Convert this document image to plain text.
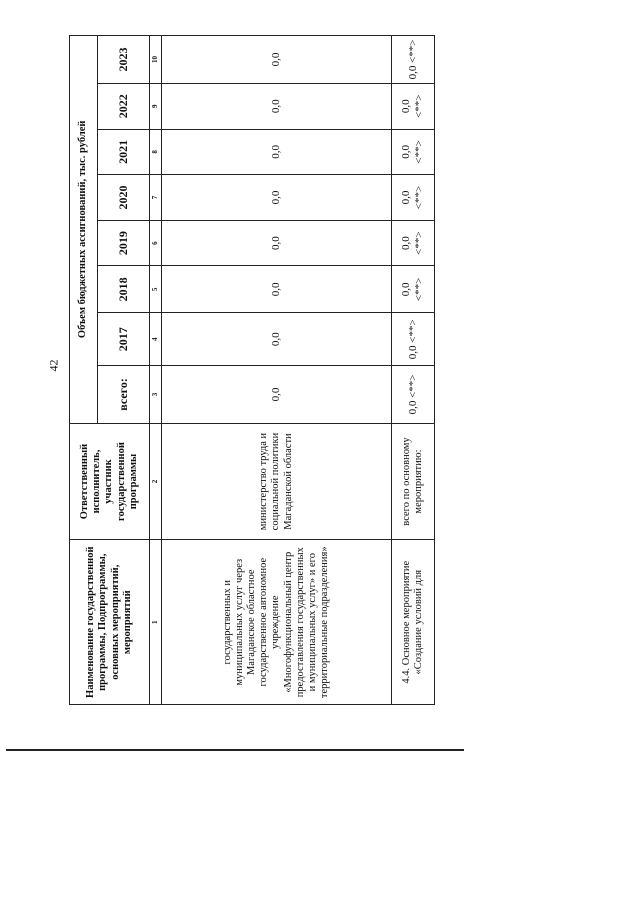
42
Наименование государственной программы, Подпрограммы, основных мероприятий, мероприятий	Ответственный исполнитель, участник государственной программы	Объем бюджетных ассигнований, тыс. рублей							
		всего:	2017	2018	2019	2020	2021	2022	2023
1	2	3	4	5	6	7	8	9	10
государственных и муниципальных услуг через Магаданское областное государственное автономное учреждение «Многофункциональный центр предоставления государственных и муниципальных услуг» и его территориальные подразделения»	министерство труда и социальной политики Магаданской области	0,0	0,0	0,0	0,0	0,0	0,0	0,0	0,0
4.4. Основное мероприятие «Создание условий для	всего по основному мероприятию:	0,0 <**>	0,0 <**>	0,0 <**>	0,0 <**>	0,0 <**>	0,0 <**>	0,0 <**>	0,0 <**>
